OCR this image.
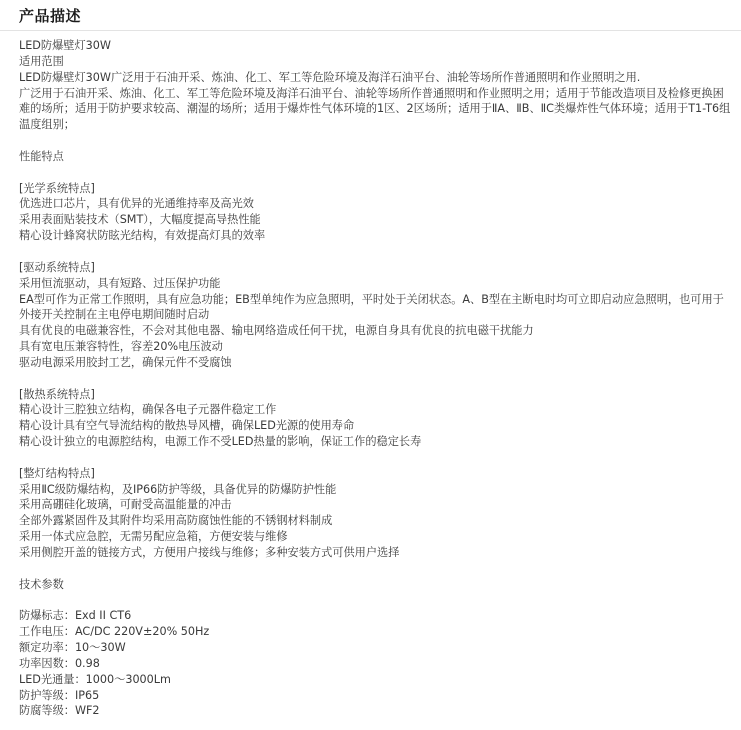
产品描述

LED防爆壁灯30W

适用范围

LED防爆壁灯30W广泛用于石油开采、炼油、化工、军工等危险环境及海洋石油平台、油轮等场所作普通照明和作业照明之用.

广泛用于石油开采、炼油、化工、军工等危险环境及海洋石油平台、油轮等场所作普通照明和作业照明之用；适用于节能改造项目及检修更换困难的场所；适用于防护要求较高、潮湿的场所；适用于爆炸性气体环境的1区、2区场所；适用于ⅡA、ⅡB、ⅡC类爆炸性气体环境；适用于T1-T6组温度组别；

性能特点

[光学系统特点]

优选进口芯片，具有优异的光通维持率及高光效

采用表面贴装技术（SMT），大幅度提高导热性能

精心设计蜂窝状防眩光结构，有效提高灯具的效率

[驱动系统特点]

采用恒流驱动，具有短路、过压保护功能

EA型可作为正常工作照明，具有应急功能；EB型单纯作为应急照明，平时处于关闭状态。A、B型在主断电时均可立即启动应急照明，也可用于外接开关控制在主电停电期间随时启动

具有优良的电磁兼容性，不会对其他电器、输电网络造成任何干扰，电源自身具有优良的抗电磁干扰能力

具有宽电压兼容特性，容差20%电压波动

驱动电源采用胶封工艺，确保元件不受腐蚀

[散热系统特点]

精心设计三腔独立结构，确保各电子元器件稳定工作

精心设计具有空气导流结构的散热导风槽，确保LED光源的使用寿命

精心设计独立的电源腔结构，电源工作不受LED热量的影响，保证工作的稳定长寿

[整灯结构特点]

采用ⅡC级防爆结构，及IP66防护等级，具备优异的防爆防护性能

采用高硼硅化玻璃，可耐受高温能量的冲击

全部外露紧固件及其附件均采用高防腐蚀性能的不锈钢材料制成

采用一体式应急腔，无需另配应急箱，方便安装与维修

采用侧腔开盖的链接方式，方便用户接线与维修；多种安装方式可供用户选择

技术参数

防爆标志：Exd II CT6

工作电压：AC/DC 220V±20% 50Hz

额定功率：10～30W

功率因数：0.98

LED光通量：1000～3000Lm

防护等级：IP65

防腐等级：WF2
